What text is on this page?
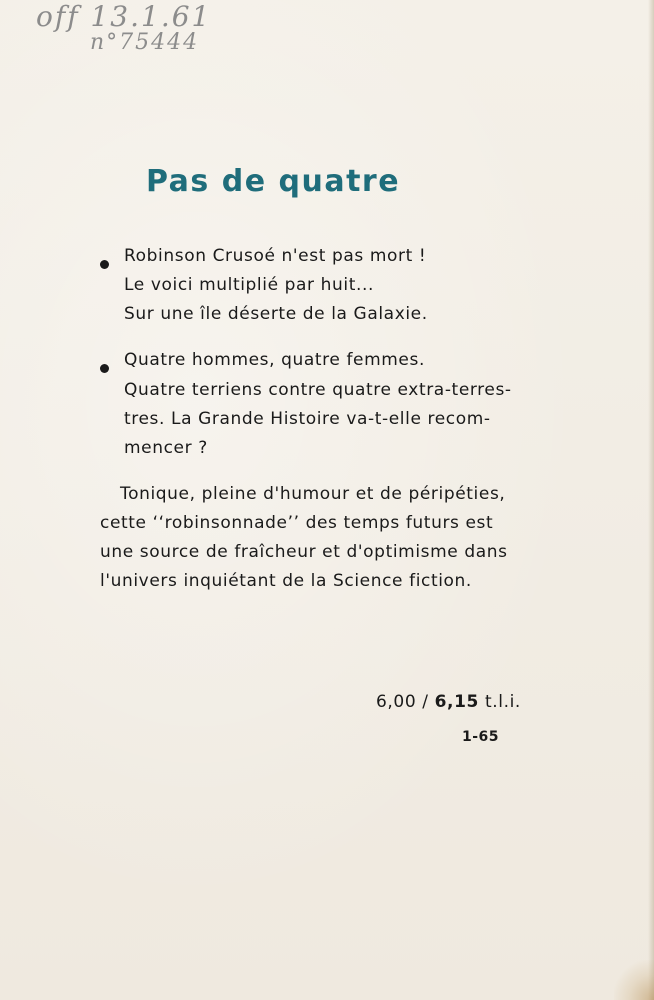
off 13.1.61
n°75444
Pas de quatre
Robinson Crusoé n'est pas mort !
Le voici multiplié par huit...
Sur une île déserte de la Galaxie.
Quatre hommes, quatre femmes.
Quatre terriens contre quatre extra-terres-
tres. La Grande Histoire va-t-elle recom-
mencer ?
Tonique, pleine d'humour et de péripéties,
cette ‘‘robinsonnade’’ des temps futurs est
une source de fraîcheur et d'optimisme dans
l'univers inquiétant de la Science fiction.
6,00 / 6,15 t.l.i.
1-65
